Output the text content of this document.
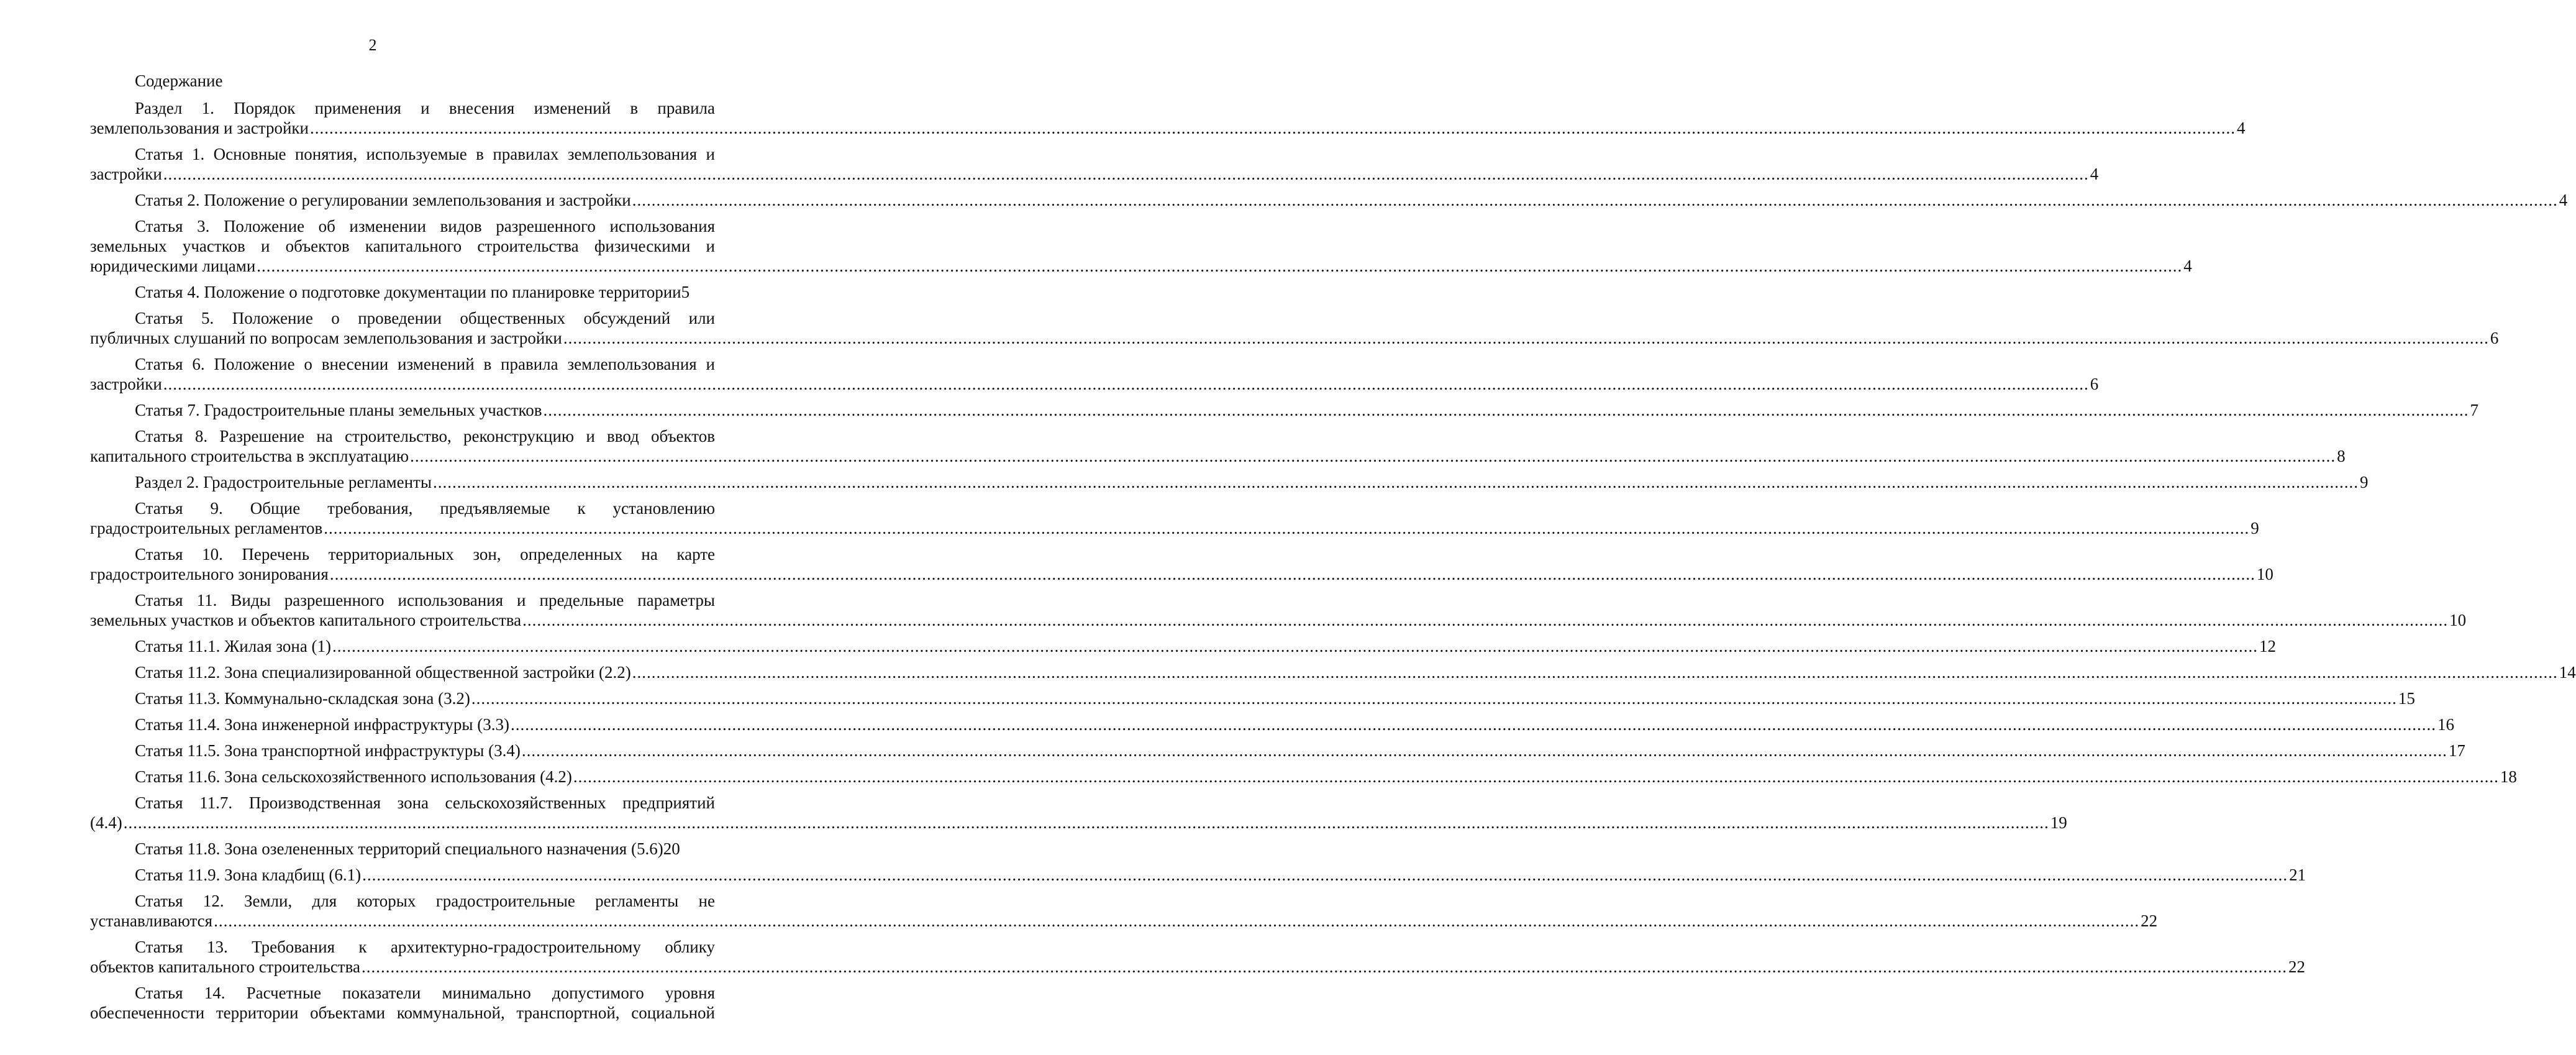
2
Содержание
Раздел 1. Порядок применения и внесения изменений в правила
землепользования и застройки ................................................................................................................................................................................................................................................................................................................................................................................................................ 4
Статья 1. Основные понятия, используемые в правилах землепользования и
застройки ................................................................................................................................................................................................................................................................................................................................................................................................................ 4
Статья 2. Положение о регулировании землепользования и застройки ................................................................................................................................................................................................................................................................................................................................................................................................................ 4
Статья 3. Положение об изменении видов разрешенного использования
земельных участков и объектов капитального строительства физическими и
юридическими лицами ................................................................................................................................................................................................................................................................................................................................................................................................................ 4
Статья 4. Положение о подготовке документации по планировке территории 5
Статья 5. Положение о проведении общественных обсуждений или
публичных слушаний по вопросам землепользования и застройки ................................................................................................................................................................................................................................................................................................................................................................................................................ 6
Статья 6. Положение о внесении изменений в правила землепользования и
застройки ................................................................................................................................................................................................................................................................................................................................................................................................................ 6
Статья 7. Градостроительные планы земельных участков ................................................................................................................................................................................................................................................................................................................................................................................................................ 7
Статья 8. Разрешение на строительство, реконструкцию и ввод объектов
капитального строительства в эксплуатацию ................................................................................................................................................................................................................................................................................................................................................................................................................ 8
Раздел 2. Градостроительные регламенты ................................................................................................................................................................................................................................................................................................................................................................................................................ 9
Статья 9. Общие требования, предъявляемые к установлению
градостроительных регламентов ................................................................................................................................................................................................................................................................................................................................................................................................................ 9
Статья 10. Перечень территориальных зон, определенных на карте
градостроительного зонирования ................................................................................................................................................................................................................................................................................................................................................................................................................ 10
Статья 11. Виды разрешенного использования и предельные параметры
земельных участков и объектов капитального строительства ................................................................................................................................................................................................................................................................................................................................................................................................................ 10
Статья 11.1. Жилая зона (1) ................................................................................................................................................................................................................................................................................................................................................................................................................ 12
Статья 11.2. Зона специализированной общественной застройки (2.2) ................................................................................................................................................................................................................................................................................................................................................................................................................ 14
Статья 11.3. Коммунально-складская зона (3.2) ................................................................................................................................................................................................................................................................................................................................................................................................................ 15
Статья 11.4. Зона инженерной инфраструктуры (3.3) ................................................................................................................................................................................................................................................................................................................................................................................................................ 16
Статья 11.5. Зона транспортной инфраструктуры (3.4) ................................................................................................................................................................................................................................................................................................................................................................................................................ 17
Статья 11.6. Зона сельскохозяйственного использования (4.2) ................................................................................................................................................................................................................................................................................................................................................................................................................ 18
Статья 11.7. Производственная зона сельскохозяйственных предприятий
(4.4) ................................................................................................................................................................................................................................................................................................................................................................................................................ 19
Статья 11.8. Зона озелененных территорий специального назначения (5.6) 20
Статья 11.9. Зона кладбищ (6.1) ................................................................................................................................................................................................................................................................................................................................................................................................................ 21
Статья 12. Земли, для которых градостроительные регламенты не
устанавливаются ................................................................................................................................................................................................................................................................................................................................................................................................................ 22
Статья 13. Требования к архитектурно-градостроительному облику
объектов капитального строительства ................................................................................................................................................................................................................................................................................................................................................................................................................ 22
Статья 14. Расчетные показатели минимально допустимого уровня
обеспеченности территории объектами коммунальной, транспортной, социальной
